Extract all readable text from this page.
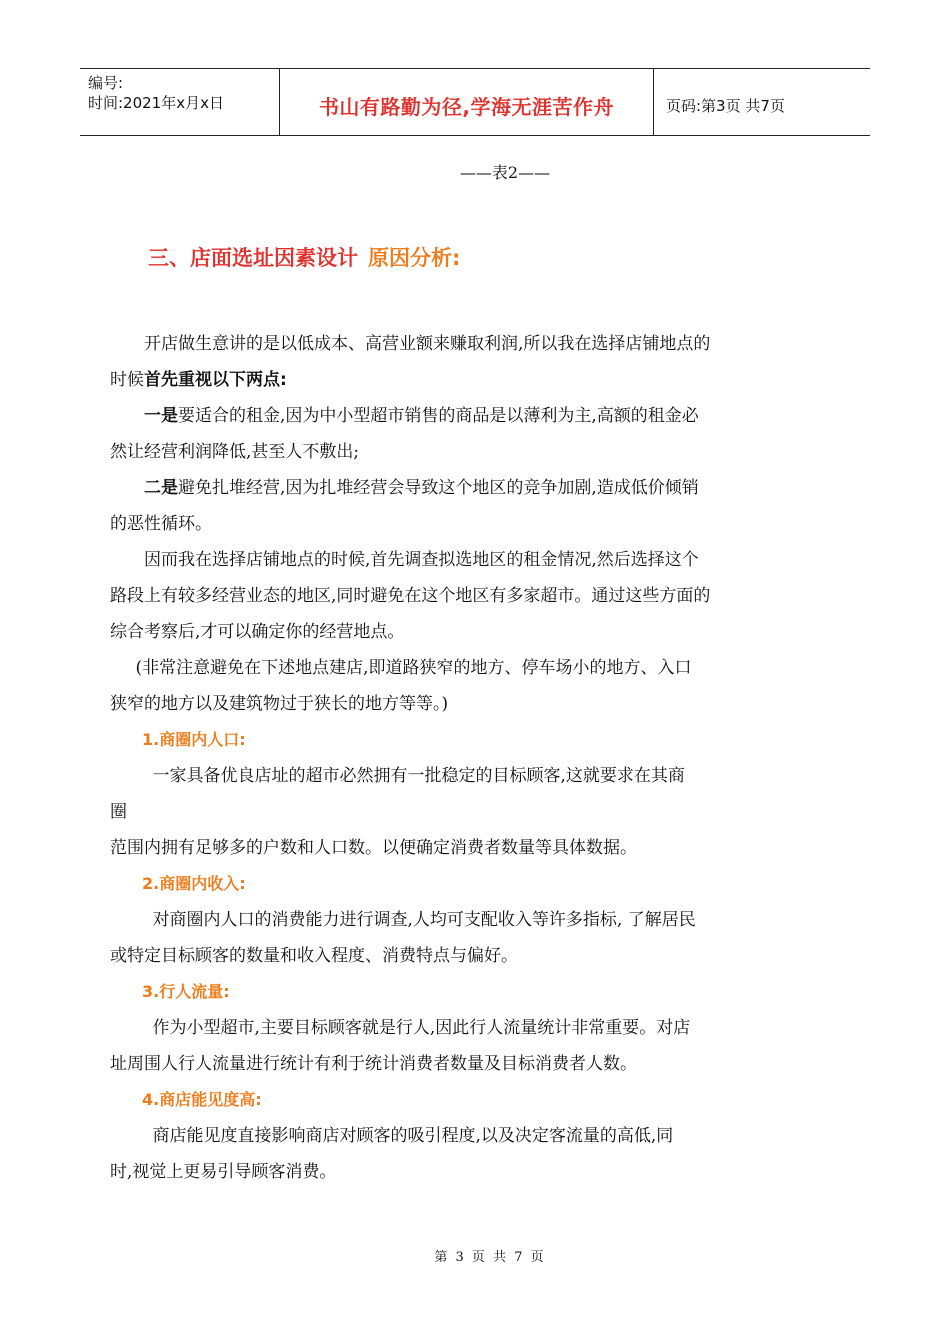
编号:
时间:2021年x月x日	书山有路勤为径,学海无涯苦作舟	页码:第3页 共7页
——表2——
三、店面选址因素设计 原因分析:

开店做生意讲的是以低成本、高营业额来赚取利润,所以我在选择店铺地点的

时候首先重视以下两点:

一是要适合的租金,因为中小型超市销售的商品是以薄利为主,高额的租金必

然让经营利润降低,甚至人不敷出;

二是避免扎堆经营,因为扎堆经营会导致这个地区的竞争加剧,造成低价倾销

的恶性循环。

因而我在选择店铺地点的时候,首先调查拟选地区的租金情况,然后选择这个

路段上有较多经营业态的地区,同时避免在这个地区有多家超市。通过这些方面的

综合考察后,才可以确定你的经营地点。

(非常注意避免在下述地点建店,即道路狭窄的地方、停车场小的地方、入口

狭窄的地方以及建筑物过于狭长的地方等等。)

1.商圈内人口:

一家具备优良店址的超市必然拥有一批稳定的目标顾客,这就要求在其商

圈

范围内拥有足够多的户数和人口数。以便确定消费者数量等具体数据。

2.商圈内收入:

对商圈内人口的消费能力进行调查,人均可支配收入等许多指标, 了解居民

或特定目标顾客的数量和收入程度、消费特点与偏好。

3.行人流量:

作为小型超市,主要目标顾客就是行人,因此行人流量统计非常重要。对店

址周围人行人流量进行统计有利于统计消费者数量及目标消费者人数。

4.商店能见度高:

商店能见度直接影响商店对顾客的吸引程度,以及决定客流量的高低,同

时,视觉上更易引导顾客消费。

第 3 页 共 7 页
